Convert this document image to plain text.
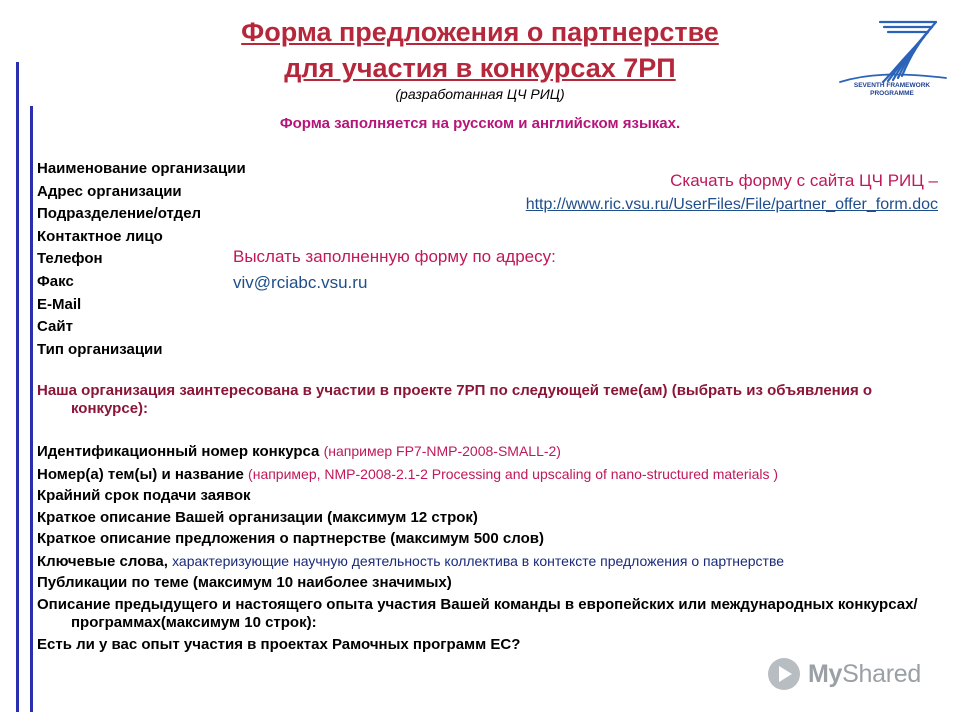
Форма предложения о партнерстве
для участия в конкурсах 7РП
(разработанная ЦЧ РИЦ)
Форма заполняется на русском и английском языках.
SEVENTH FRAMEWORK
PROGRAMME
Наименование организации
Адрес организации
Подразделение/отдел
Контактное лицо
Телефон
Факс
E-Mail
Сайт
Тип организации
Скачать форму с сайта ЦЧ РИЦ –
http://www.ric.vsu.ru/UserFiles/File/partner_offer_form.doc
Выслать заполненную форму по адресу:
viv@rciabc.vsu.ru
Наша организация заинтересована в участии в проекте 7РП по следующей теме(ам) (выбрать из объявления о конкурсе):
Идентификационный номер конкурса (например FP7-NMP-2008-SMALL-2)
Номер(а) тем(ы) и название (например, NMP-2008-2.1-2 Processing and upscaling of nano-structured materials )
Крайний срок подачи заявок
Краткое описание Вашей организации (максимум 12 строк)
Краткое описание предложения о партнерстве (максимум 500 слов)
Ключевые слова, характеризующие научную деятельность коллектива в контексте предложения о партнерстве
Публикации по теме (максимум 10 наиболее значимых)
Описание предыдущего и настоящего опыта участия Вашей команды в европейских или международных конкурсах/программах(максимум 10 строк):
Есть ли у вас опыт участия в проектах Рамочных программ ЕС?
MyShared
